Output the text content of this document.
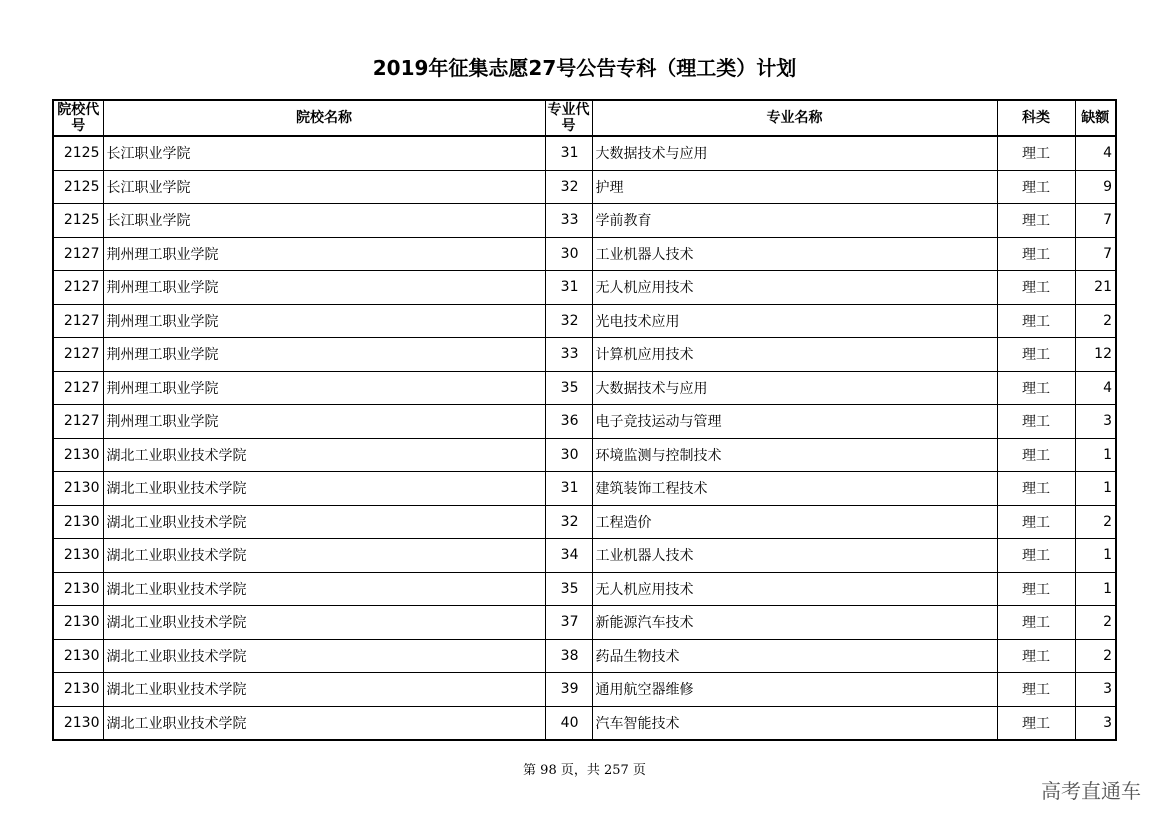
2019年征集志愿27号公告专科（理工类）计划
院校代号	院校名称	专业代号	专业名称	科类	缺额
2125	长江职业学院	31	大数据技术与应用	理工	4
2125	长江职业学院	32	护理	理工	9
2125	长江职业学院	33	学前教育	理工	7
2127	荆州理工职业学院	30	工业机器人技术	理工	7
2127	荆州理工职业学院	31	无人机应用技术	理工	21
2127	荆州理工职业学院	32	光电技术应用	理工	2
2127	荆州理工职业学院	33	计算机应用技术	理工	12
2127	荆州理工职业学院	35	大数据技术与应用	理工	4
2127	荆州理工职业学院	36	电子竞技运动与管理	理工	3
2130	湖北工业职业技术学院	30	环境监测与控制技术	理工	1
2130	湖北工业职业技术学院	31	建筑装饰工程技术	理工	1
2130	湖北工业职业技术学院	32	工程造价	理工	2
2130	湖北工业职业技术学院	34	工业机器人技术	理工	1
2130	湖北工业职业技术学院	35	无人机应用技术	理工	1
2130	湖北工业职业技术学院	37	新能源汽车技术	理工	2
2130	湖北工业职业技术学院	38	药品生物技术	理工	2
2130	湖北工业职业技术学院	39	通用航空器维修	理工	3
2130	湖北工业职业技术学院	40	汽车智能技术	理工	3
第 98 页，共 257 页
高考直通车
